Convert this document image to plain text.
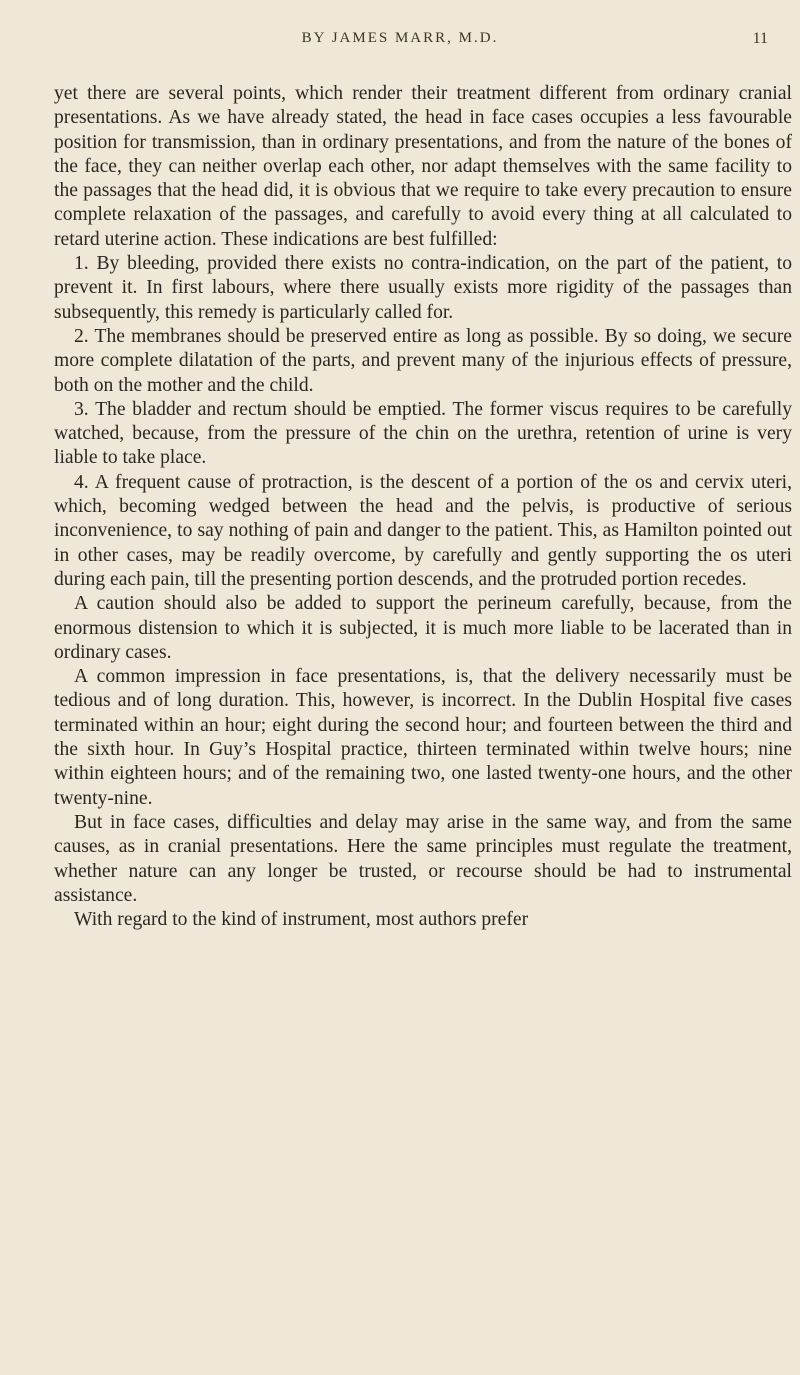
BY JAMES MARR, M.D.	11

yet there are several points, which render their treatment different from ordinary cranial presentations. As we have already stated, the head in face cases occupies a less favourable position for transmission, than in ordinary presentations, and from the nature of the bones of the face, they can neither overlap each other, nor adapt themselves with the same facility to the passages that the head did, it is obvious that we require to take every precaution to ensure complete relaxation of the passages, and carefully to avoid every thing at all calculated to retard uterine action. These indications are best fulfilled:

1. By bleeding, provided there exists no contra-indication, on the part of the patient, to prevent it. In first labours, where there usually exists more rigidity of the passages than subsequently, this remedy is particularly called for.

2. The membranes should be preserved entire as long as possible. By so doing, we secure more complete dilatation of the parts, and prevent many of the injurious effects of pressure, both on the mother and the child.

3. The bladder and rectum should be emptied. The former viscus requires to be carefully watched, because, from the pressure of the chin on the urethra, retention of urine is very liable to take place.

4. A frequent cause of protraction, is the descent of a portion of the os and cervix uteri, which, becoming wedged between the head and the pelvis, is productive of serious inconvenience, to say nothing of pain and danger to the patient. This, as Hamilton pointed out in other cases, may be readily overcome, by carefully and gently supporting the os uteri during each pain, till the presenting portion descends, and the protruded portion recedes.

A caution should also be added to support the perineum carefully, because, from the enormous distension to which it is subjected, it is much more liable to be lacerated than in ordinary cases.

A common impression in face presentations, is, that the delivery necessarily must be tedious and of long duration. This, however, is incorrect. In the Dublin Hospital five cases terminated within an hour; eight during the second hour; and fourteen between the third and the sixth hour. In Guy’s Hospital practice, thirteen terminated within twelve hours; nine within eighteen hours; and of the remaining two, one lasted twenty-one hours, and the other twenty-nine.

But in face cases, difficulties and delay may arise in the same way, and from the same causes, as in cranial presentations. Here the same principles must regulate the treatment, whether nature can any longer be trusted, or recourse should be had to instrumental assistance.

With regard to the kind of instrument, most authors prefer
